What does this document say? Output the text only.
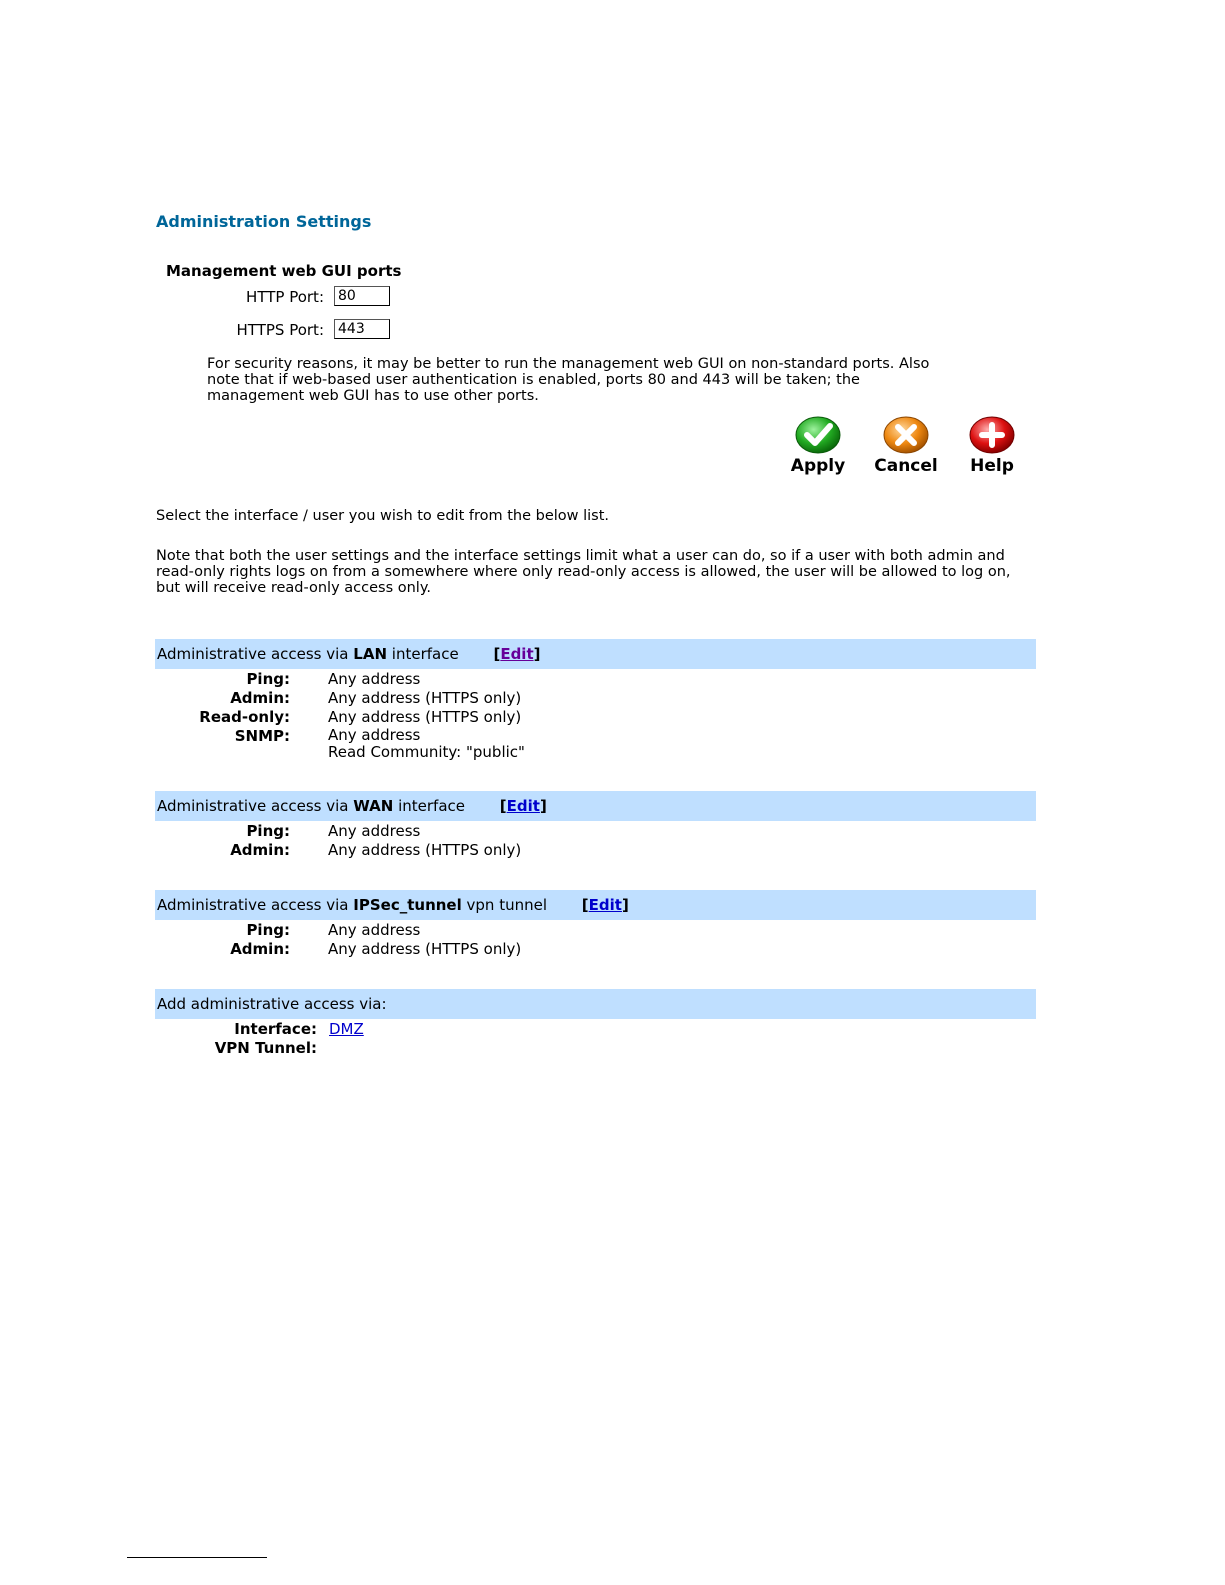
Administration Settings
Management web GUI ports
HTTP Port:
80
HTTPS Port:
443
For security reasons, it may be better to run the management web GUI on non-standard ports. Also note that if web-based user authentication is enabled, ports 80 and 443 will be taken; the management web GUI has to use other ports.
Apply	Cancel	Help
Select the interface / user you wish to edit from the below list.
Note that both the user settings and the interface settings limit what a user can do, so if a user with both admin and read-only rights logs on from a somewhere where only read-only access is allowed, the user will be allowed to log on, but will receive read-only access only.
Administrative access via LAN interface [Edit]
Ping:	Any address
Admin:	Any address (HTTPS only)
Read-only:	Any address (HTTPS only)
SNMP:	Any address
Read Community: "public"
Administrative access via WAN interface [Edit]
Ping:	Any address
Admin:	Any address (HTTPS only)
Administrative access via IPSec_tunnel vpn tunnel [Edit]
Ping:	Any address
Admin:	Any address (HTTPS only)
Add administrative access via:
Interface: DMZ
VPN Tunnel:
